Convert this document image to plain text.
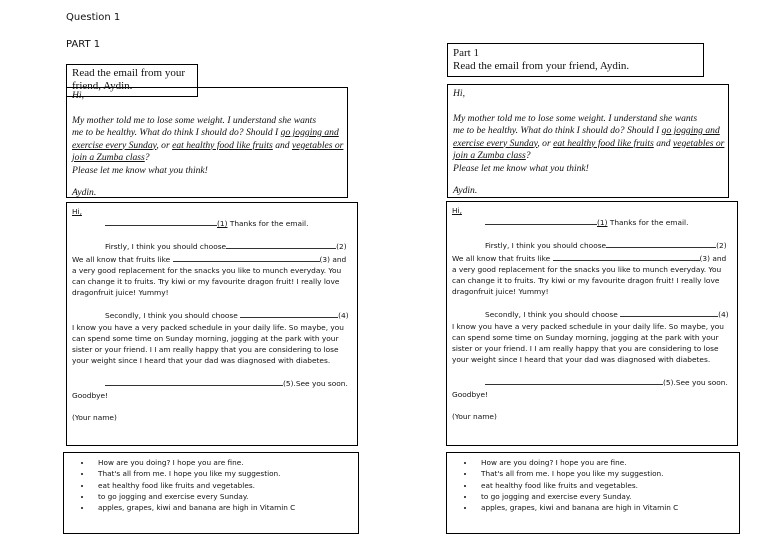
Question 1
PART 1

Hi,

My mother told me to lose some weight. I understand she wants
me to be healthy. What do think I should do? Should I go jogging and exercise every Sunday, or eat healthy food like fruits and vegetables or join a Zumba class?
Please let me know what you think!

Aydin.

Read the email from your friend, Aydin.

Hi,

(1) Thanks for the email.

Firstly, I think you should choose	(2)

We all know that fruits like	(3) and

a very good replacement for the snacks you like to munch everyday. You can change it to fruits. Try kiwi or my favourite dragon fruit! I really love dragonfruit juice! Yummy!

Secondly, I think you should choose	(4)

I know you have a very packed schedule in your daily life. So maybe, you can spend some time on Sunday morning, jogging at the park with your sister or your friend. I I am really happy that you are considering to lose your weight since I heard that your dad was diagnosed with diabetes.

(5).See you soon.

Goodbye!

(Your name)

• How are you doing? I hope you are fine.
• That's all from me. I hope you like my suggestion.
• eat healthy food like fruits and vegetables.
• to go jogging and exercise every Sunday.
• apples, grapes, kiwi and banana are high in Vitamin C
Part 1
Read the email from your friend, Aydin.

Hi,

My mother told me to lose some weight. I understand she wants
me to be healthy. What do think I should do? Should I go jogging and exercise every Sunday, or eat healthy food like fruits and vegetables or join a Zumba class?
Please let me know what you think!

Aydin.

Hi,

(1) Thanks for the email.

Firstly, I think you should choose	(2)

We all know that fruits like	(3) and

a very good replacement for the snacks you like to munch everyday. You can change it to fruits. Try kiwi or my favourite dragon fruit! I really love dragonfruit juice! Yummy!

Secondly, I think you should choose	(4)

I know you have a very packed schedule in your daily life. So maybe, you can spend some time on Sunday morning, jogging at the park with your sister or your friend. I I am really happy that you are considering to lose your weight since I heard that your dad was diagnosed with diabetes.

(5).See you soon.

Goodbye!

(Your name)

• How are you doing? I hope you are fine.
• That's all from me. I hope you like my suggestion.
• eat healthy food like fruits and vegetables.
• to go jogging and exercise every Sunday.
• apples, grapes, kiwi and banana are high in Vitamin C
